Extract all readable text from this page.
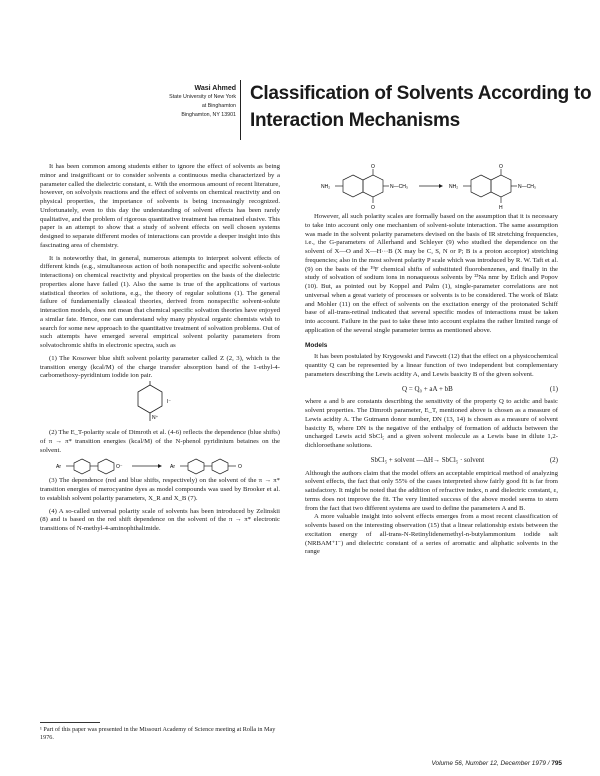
Wasi Ahmed
State University of New York
at Binghamton
Binghamton, NY 13901
Classification of Solvents According to
Interaction Mechanisms

It has been common among students either to ignore the effect of solvents as being minor and insignificant or to consider solvents a continuous media characterized by a parameter called the dielectric constant, ε. With the enormous amount of recent literature, however, on solvolysis reactions and the effect of solvents on chemical reactivity and on physical properties, the importance of solvents is being increasingly recognized. Unfortunately, even to this day the understanding of solvent effects has been rarely qualitative, and the problem of rigorous quantitative treatment has remained elusive. This paper is an attempt to show that a study of solvent effects on well chosen systems designed to separate different modes of interactions can provide a deeper insight into this fascinating area of chemistry.

It is noteworthy that, in general, numerous attempts to interpret solvent effects of different kinds (e.g., simultaneous action of both nonspecific and specific solvent-solute interactions) on chemical reactivity and physical properties on the basis of the dielectric properties alone have failed (1). Also the same is true of the applications of various statistical theories of solutions, e.g., the theory of regular solutions (1). The general failure of fundamentally classical theories, derived from nonspecific solvent-solute interaction models, does not mean that chemical specific solvation theories have enjoyed a similar fate. Hence, one can understand why many physical organic chemists wish to search for some new approach to the quantitative treatment of solvation problems. Out of such attempts have emerged several empirical solvent polarity parameters from solvatochromic shifts in electronic spectra, such as

(1) The Kosower blue shift solvent polarity parameter called Z (2, 3), which is the transition energy (kcal/M) of the charge transfer absorption band of the 1-ethyl-4-carbomethoxy-pyridinium iodide ion pair.

N⁺
I⁻

(2) The E_T-polarity scale of Dimroth et al. (4-6) reflects the dependence (blue shifts) of π → π* transition energies (kcal/M) of the N-phenol pyridinium betaines on the solvent.

Ar	O⁻	Ar	O

(3) The dependence (red and blue shifts, respectively) on the solvent of the π → π* transition energies of merocyanine dyes as model compounds was used by Brooker et al. to establish solvent polarity parameters, X_R and X_B (7).

(4) A so-called universal polarity scale of solvents has been introduced by Zelinskii (8) and is based on the red shift dependence on the solvent of the π → π* electronic transitions of N-methyl-4-aminophthalimide.

NH₂
O
O
N—CH₃	NH₂
O
H
N—CH₃

However, all such polarity scales are formally based on the assumption that it is necessary to take into account only one mechanism of solvent-solute interaction. The same assumption was made in the solvent polarity parameters devised on the basis of IR stretching frequencies, i.e., the G-parameters of Allerhand and Schleyer (9) who studied the dependence on the solvent of X—O and X—H···B (X may be C, S, N or P; B is a proton acceptor) stretching frequencies; also in the most solvent polarity P scale which was introduced by R. W. Taft et al. (9) on the basis of the ¹⁹F chemical shifts of substituted fluorobenzenes, and finally in the study of solvation of sodium ions in nonaqueous solvents by ²³Na nmr by Erlich and Popov (10). But, as pointed out by Koppel and Palm (1), single-parameter correlations are not universal when a great variety of processes or solvents is to be considered. The work of Blatz and Mohler (11) on the effect of solvents on the excitation energy of the protonated Schiff base of all-trans-retinal indicated that several specific modes of interactions must be taken into account. Failure in the past to take these into account explains the rather limited range of application of the several single parameter terms as mentioned above.

Models

It has been postulated by Krygowski and Fawcett (12) that the effect on a physicochemical quantity Q can be represented by a linear function of two independent but complementary parameters describing the Lewis acidity A, and Lewis basicity B of the given solvent.

Q = Q₀ + aA + bB	(1)

where a and b are constants describing the sensitivity of the property Q to acidic and basic solvent properties. The Dimroth parameter, E_T, mentioned above is chosen as a measure of Lewis acidity A. The Gutmann donor number, DN (13, 14) is chosen as a measure of solvent basicity B, where DN is the negative of the enthalpy of formation of adducts between the uncharged Lewis acid SbCl₅ and a given solvent molecule as a Lewis base in dilute 1,2-dichloroethane solutions.

SbCl₅ + solvent —ΔH→ SbCl₅ · solvent	(2)

Although the authors claim that the model offers an acceptable empirical method of analyzing solvent effects, the fact that only 55% of the cases interpreted show fairly good fit is far from satisfactory. It might be noted that the addition of refractive index, n and dielectric constant, ε, terms does not improve the fit. The very limited success of the above model seems to stem from the fact that two different systems are used to define the parameters A and B.

A more valuable insight into solvent effects emerges from a most recent classification of solvents based on the interesting observation (15) that a linear relationship exists between the excitation energy of all-trans-N-Retinylidenemethyl-n-butylammonium iodide salt (NRBAM⁺I⁻) and dielectric constant of a series of aromatic and aliphatic solvents in the range

¹ Part of this paper was presented in the Missouri Academy of Science meeting at Rolla in May 1976.
Volume 56, Number 12, December 1979 / 795
